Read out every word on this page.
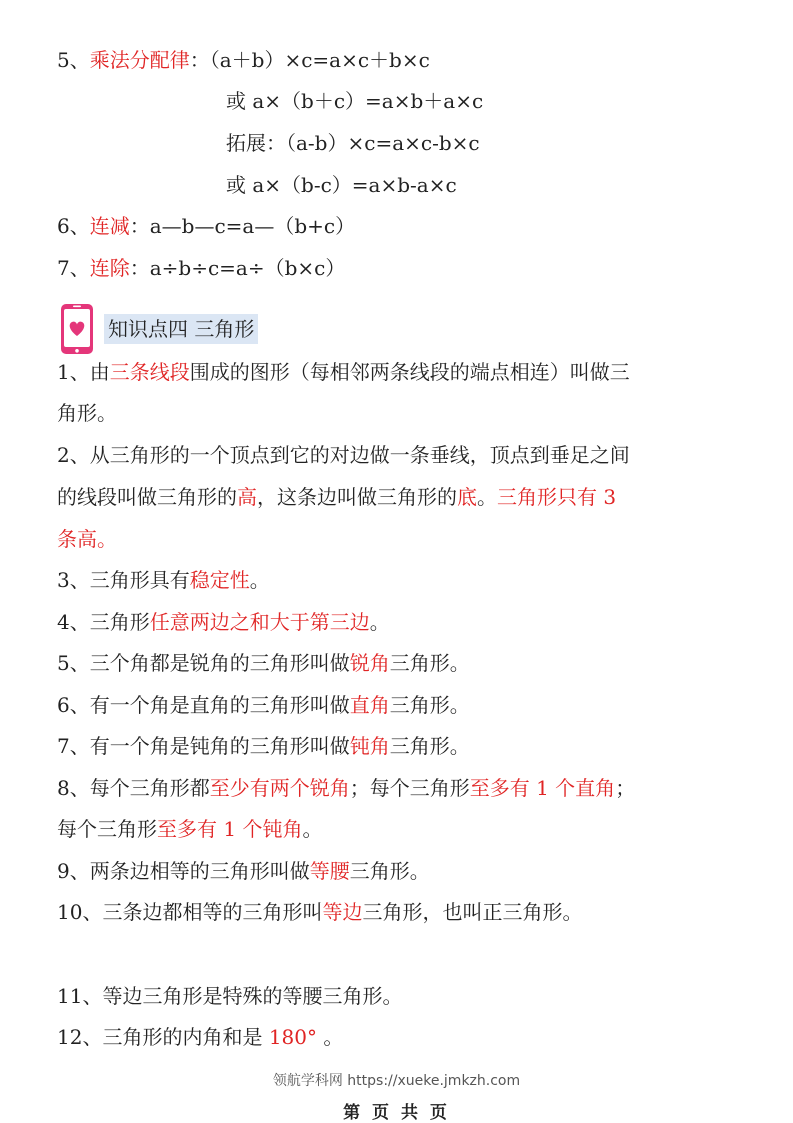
5、乘法分配律：（a＋b）×c=a×c＋b×c
或 a×（b＋c）=a×b＋a×c
拓展：（a-b）×c=a×c-b×c
或 a×（b-c）=a×b-a×c
6、连减：a—b—c=a—（b+c）
7、连除：a÷b÷c=a÷（b×c）
知识点四 三角形
1、由三条线段围成的图形（每相邻两条线段的端点相连）叫做三
角形。
2、从三角形的一个顶点到它的对边做一条垂线，顶点到垂足之间
的线段叫做三角形的高，这条边叫做三角形的底。三角形只有 3
条高。
3、三角形具有稳定性。
4、三角形任意两边之和大于第三边。
5、三个角都是锐角的三角形叫做锐角三角形。
6、有一个角是直角的三角形叫做直角三角形。
7、有一个角是钝角的三角形叫做钝角三角形。
8、每个三角形都至少有两个锐角；每个三角形至多有 1 个直角；
每个三角形至多有 1 个钝角。
9、两条边相等的三角形叫做等腰三角形。
10、三条边都相等的三角形叫等边三角形，也叫正三角形。
11、等边三角形是特殊的等腰三角形。
12、三角形的内角和是 180° 。
领航学科网 https://xueke.jmkzh.com
第 页 共 页
